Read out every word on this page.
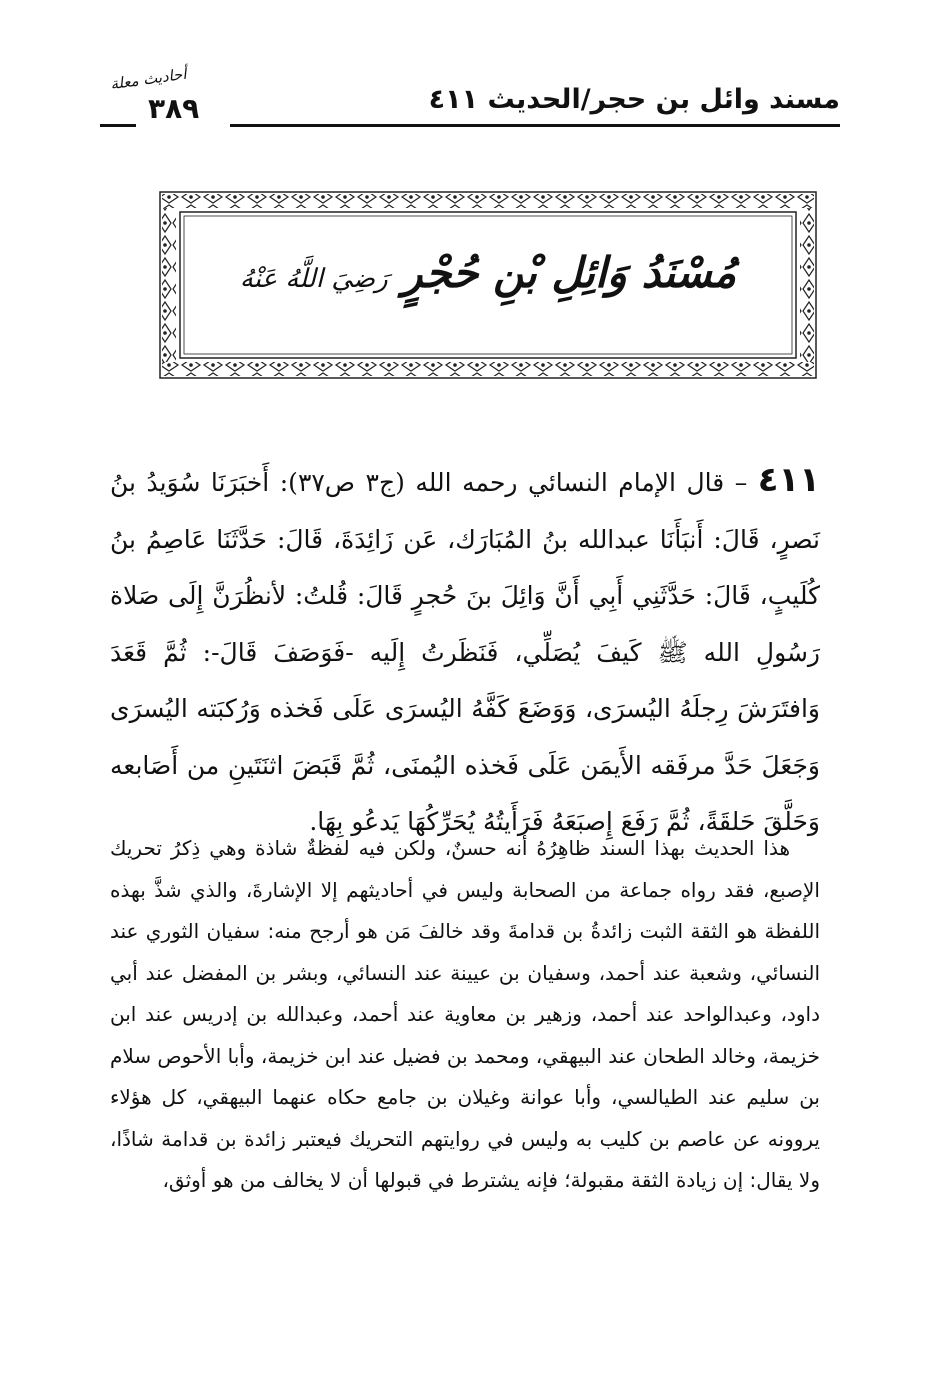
مسند وائل بن حجر/الحديث ٤١١
أحاديث معلة
٣٨٩
مُسْنَدُ وَائِلِ بْنِ حُجْرٍ رَضِيَ اللَّهُ عَنْهُ
٤١١ – قال الإمام النسائي رحمه الله (ج٣ ص٣٧): أَخبَرَنَا سُوَيدُ بنُ نَصرٍ، قَالَ: أَنبَأَنَا عبدالله بنُ المُبَارَك، عَن زَائِدَةَ، قَالَ: حَدَّثَنَا عَاصِمُ بنُ كُلَيبٍ، قَالَ: حَدَّثَنِي أَبِي أَنَّ وَائِلَ بنَ حُجرٍ قَالَ: قُلتُ: لأنظُرَنَّ إِلَى صَلاة رَسُولِ الله ﷺ كَيفَ يُصَلِّي، فَنَظَرتُ إِلَيه -فَوَصَفَ قَالَ-: ثُمَّ قَعَدَ وَافتَرَشَ رِجلَهُ اليُسرَى، وَوَضَعَ كَفَّهُ اليُسرَى عَلَى فَخذه وَرُكبَته اليُسرَى وَجَعَلَ حَدَّ مرفَقه الأَيمَن عَلَى فَخذه اليُمنَى، ثُمَّ قَبَضَ اثنَتَينِ من أَصَابعه وَحَلَّقَ حَلقَةً، ثُمَّ رَفَعَ إِصبَعَهُ فَرَأَيتُهُ يُحَرِّكُهَا يَدعُو بِهَا.
هذا الحديث بهذا السند ظاهِرُهُ أنه حسنٌ، ولكن فيه لفظةٌ شاذة وهي ذِكرُ تحريك الإصبع، فقد رواه جماعة من الصحابة وليس في أحاديثهم إلا الإشارةَ، والذي شذَّ بهذه اللفظة هو الثقة الثبت زائدةُ بن قدامةَ وقد خالفَ مَن هو أرجح منه: سفيان الثوري عند النسائي، وشعبة عند أحمد، وسفيان بن عيينة عند النسائي، وبشر بن المفضل عند أبي داود، وعبدالواحد عند أحمد، وزهير بن معاوية عند أحمد، وعبدالله بن إدريس عند ابن خزيمة، وخالد الطحان عند البيهقي، ومحمد بن فضيل عند ابن خزيمة، وأبا الأحوص سلام بن سليم عند الطيالسي، وأبا عوانة وغيلان بن جامع حكاه عنهما البيهقي، كل هؤلاء يروونه عن عاصم بن كليب به وليس في روايتهم التحريك فيعتبر زائدة بن قدامة شاذًا، ولا يقال: إن زيادة الثقة مقبولة؛ فإنه يشترط في قبولها أن لا يخالف من هو أوثق،
